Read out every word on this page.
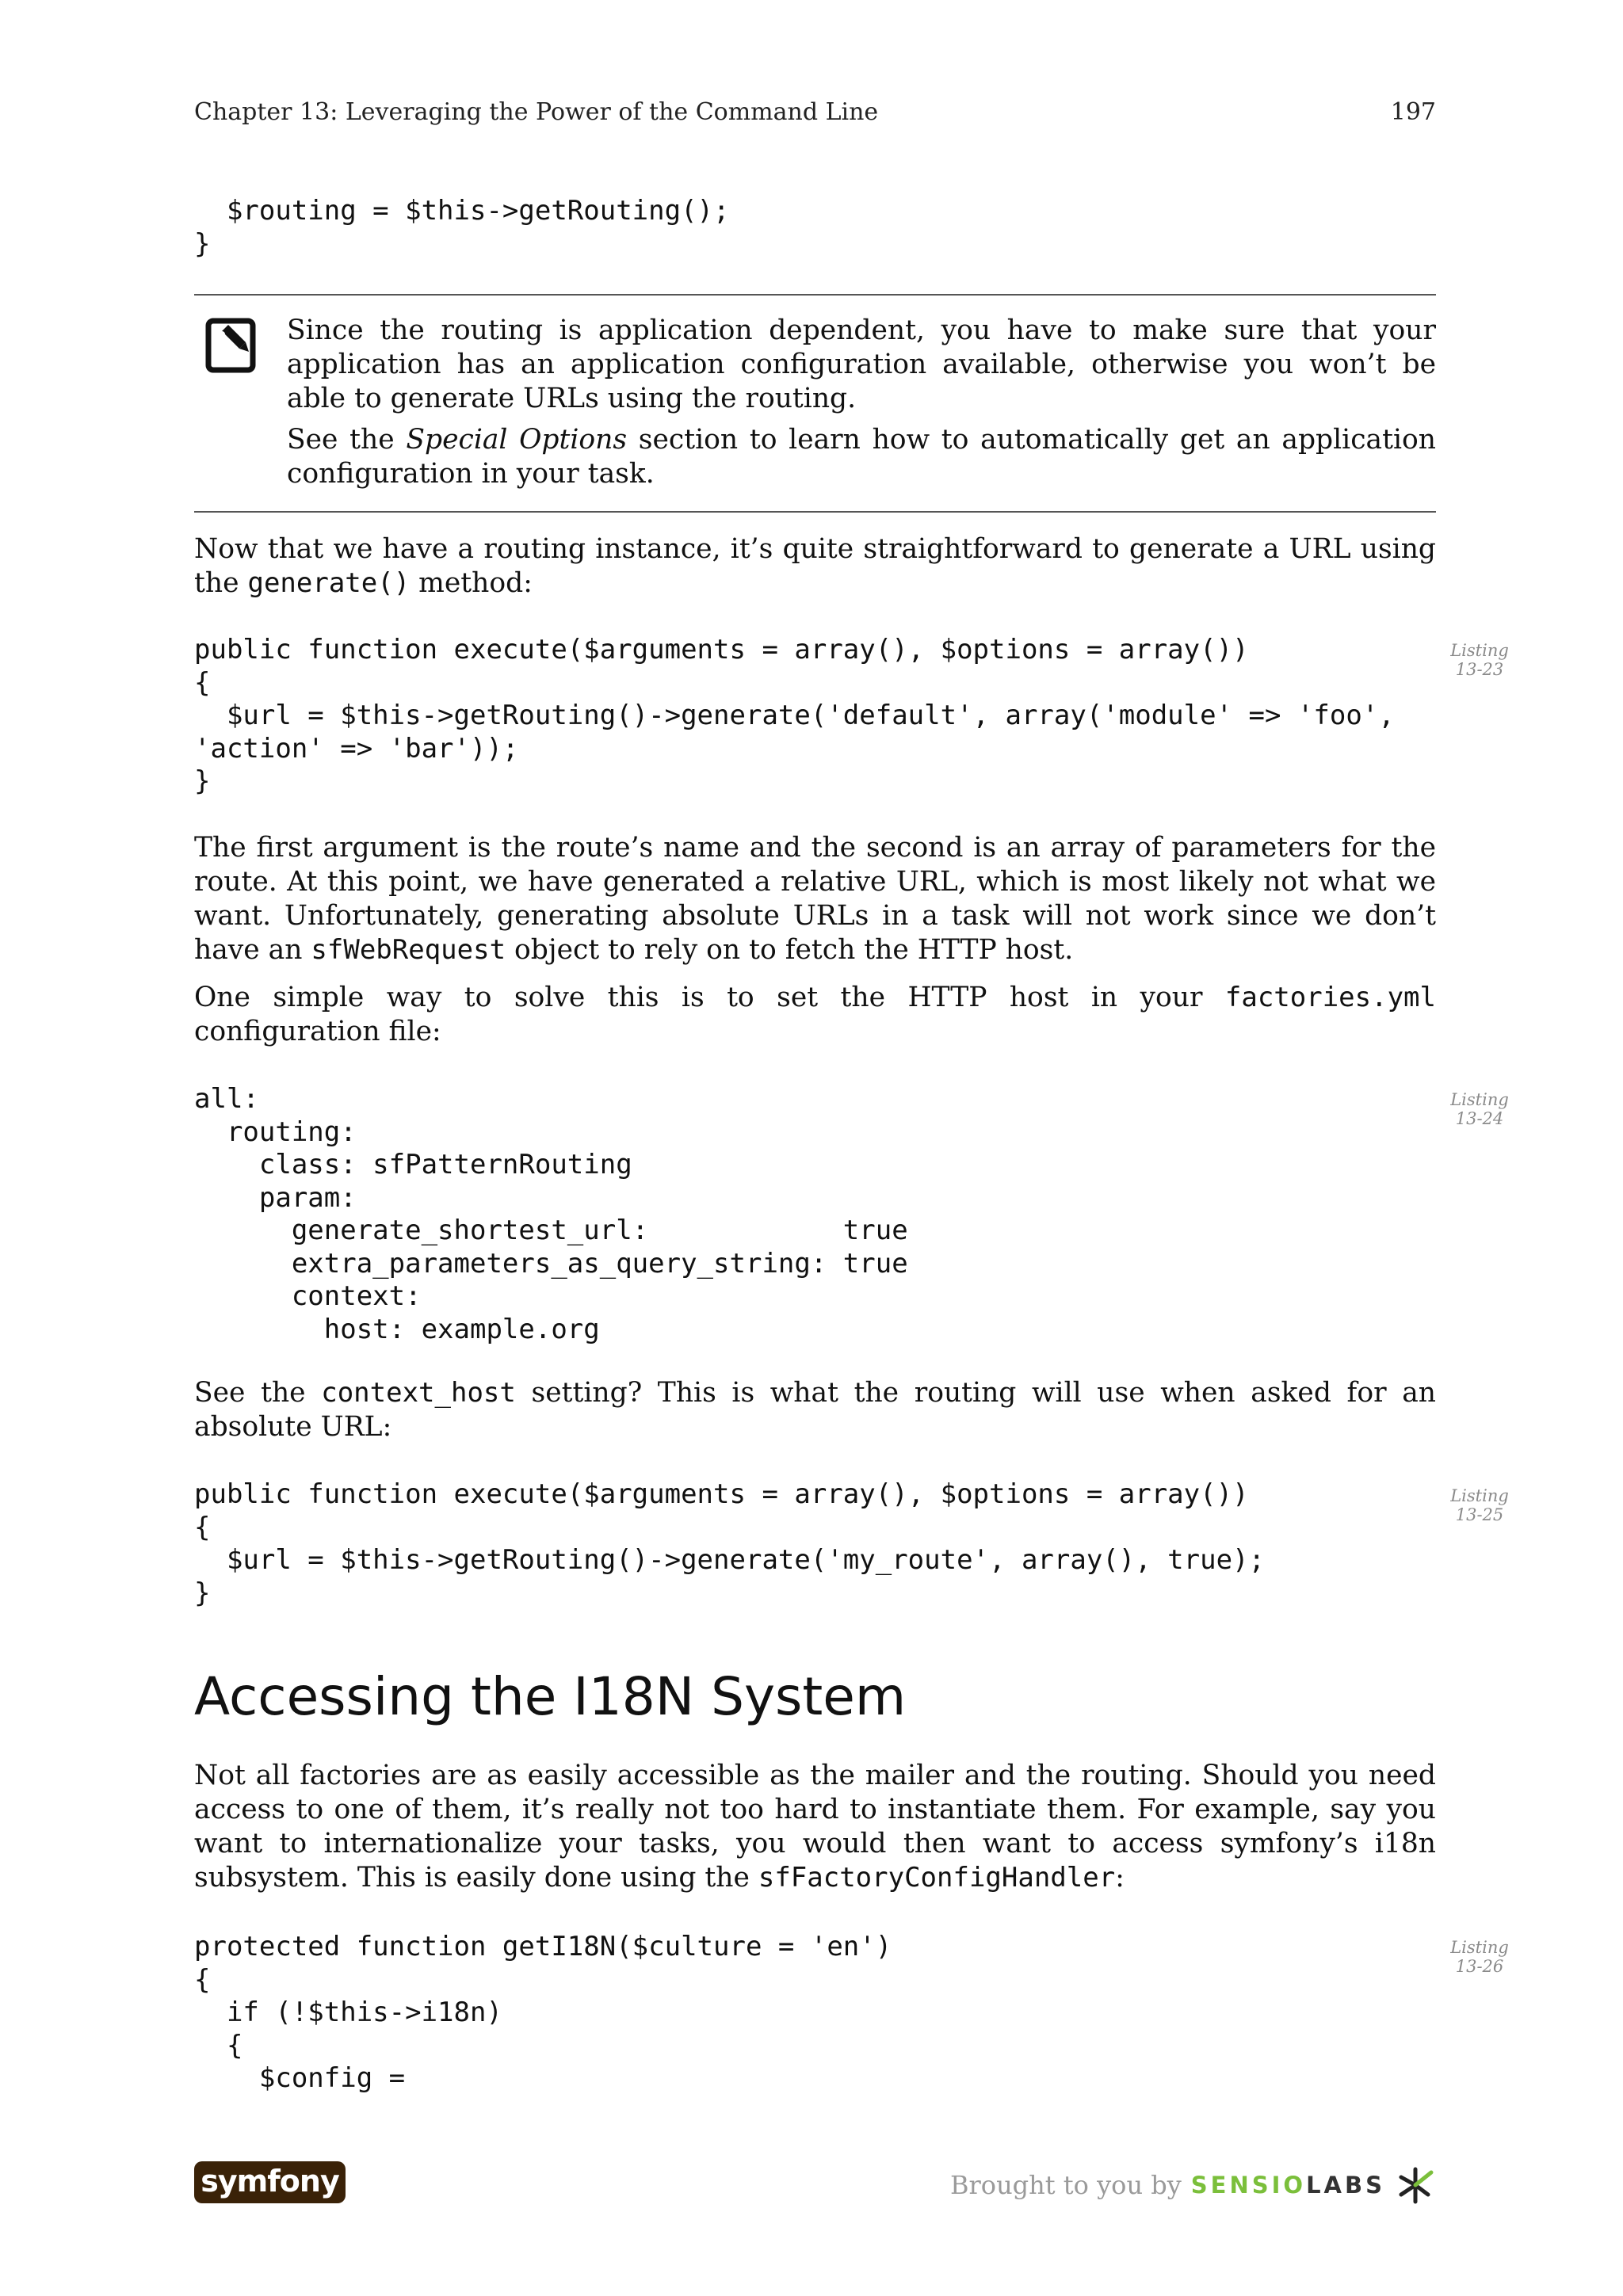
Chapter 13: Leveraging the Power of the Command Line	197
$routing = $this->getRouting();
}

Since the routing is application dependent, you have to make sure that your application has an application configuration available, otherwise you won’t be able to generate URLs using the routing.

See the Special Options section to learn how to automatically get an application configuration in your task.

Now that we have a routing instance, it’s quite straightforward to generate a URL using the generate() method:

public function execute($arguments = array(), $options = array())
{
$url = $this->getRouting()->generate('default', array('module' => 'foo',
'action' => 'bar'));
}
Listing
13-23

The first argument is the route’s name and the second is an array of parameters for the route. At this point, we have generated a relative URL, which is most likely not what we want. Unfortunately, generating absolute URLs in a task will not work since we don’t have an sfWebRequest object to rely on to fetch the HTTP host.

One simple way to solve this is to set the HTTP host in your factories.yml configuration file:

all:
routing:
class: sfPatternRouting
param:
generate_shortest_url:            true
extra_parameters_as_query_string: true
context:
host: example.org
Listing
13-24

See the context_host setting? This is what the routing will use when asked for an absolute URL:

public function execute($arguments = array(), $options = array())
{
$url = $this->getRouting()->generate('my_route', array(), true);
}
Listing
13-25
Accessing the I18N System

Not all factories are as easily accessible as the mailer and the routing. Should you need access to one of them, it’s really not too hard to instantiate them. For example, say you want to internationalize your tasks, you would then want to access symfony’s i18n subsystem. This is easily done using the sfFactoryConfigHandler:

protected function getI18N($culture = 'en')
{
if (!$this->i18n)
{
$config =
Listing
13-26
symfony	Brought to you by SENSIOLABS
